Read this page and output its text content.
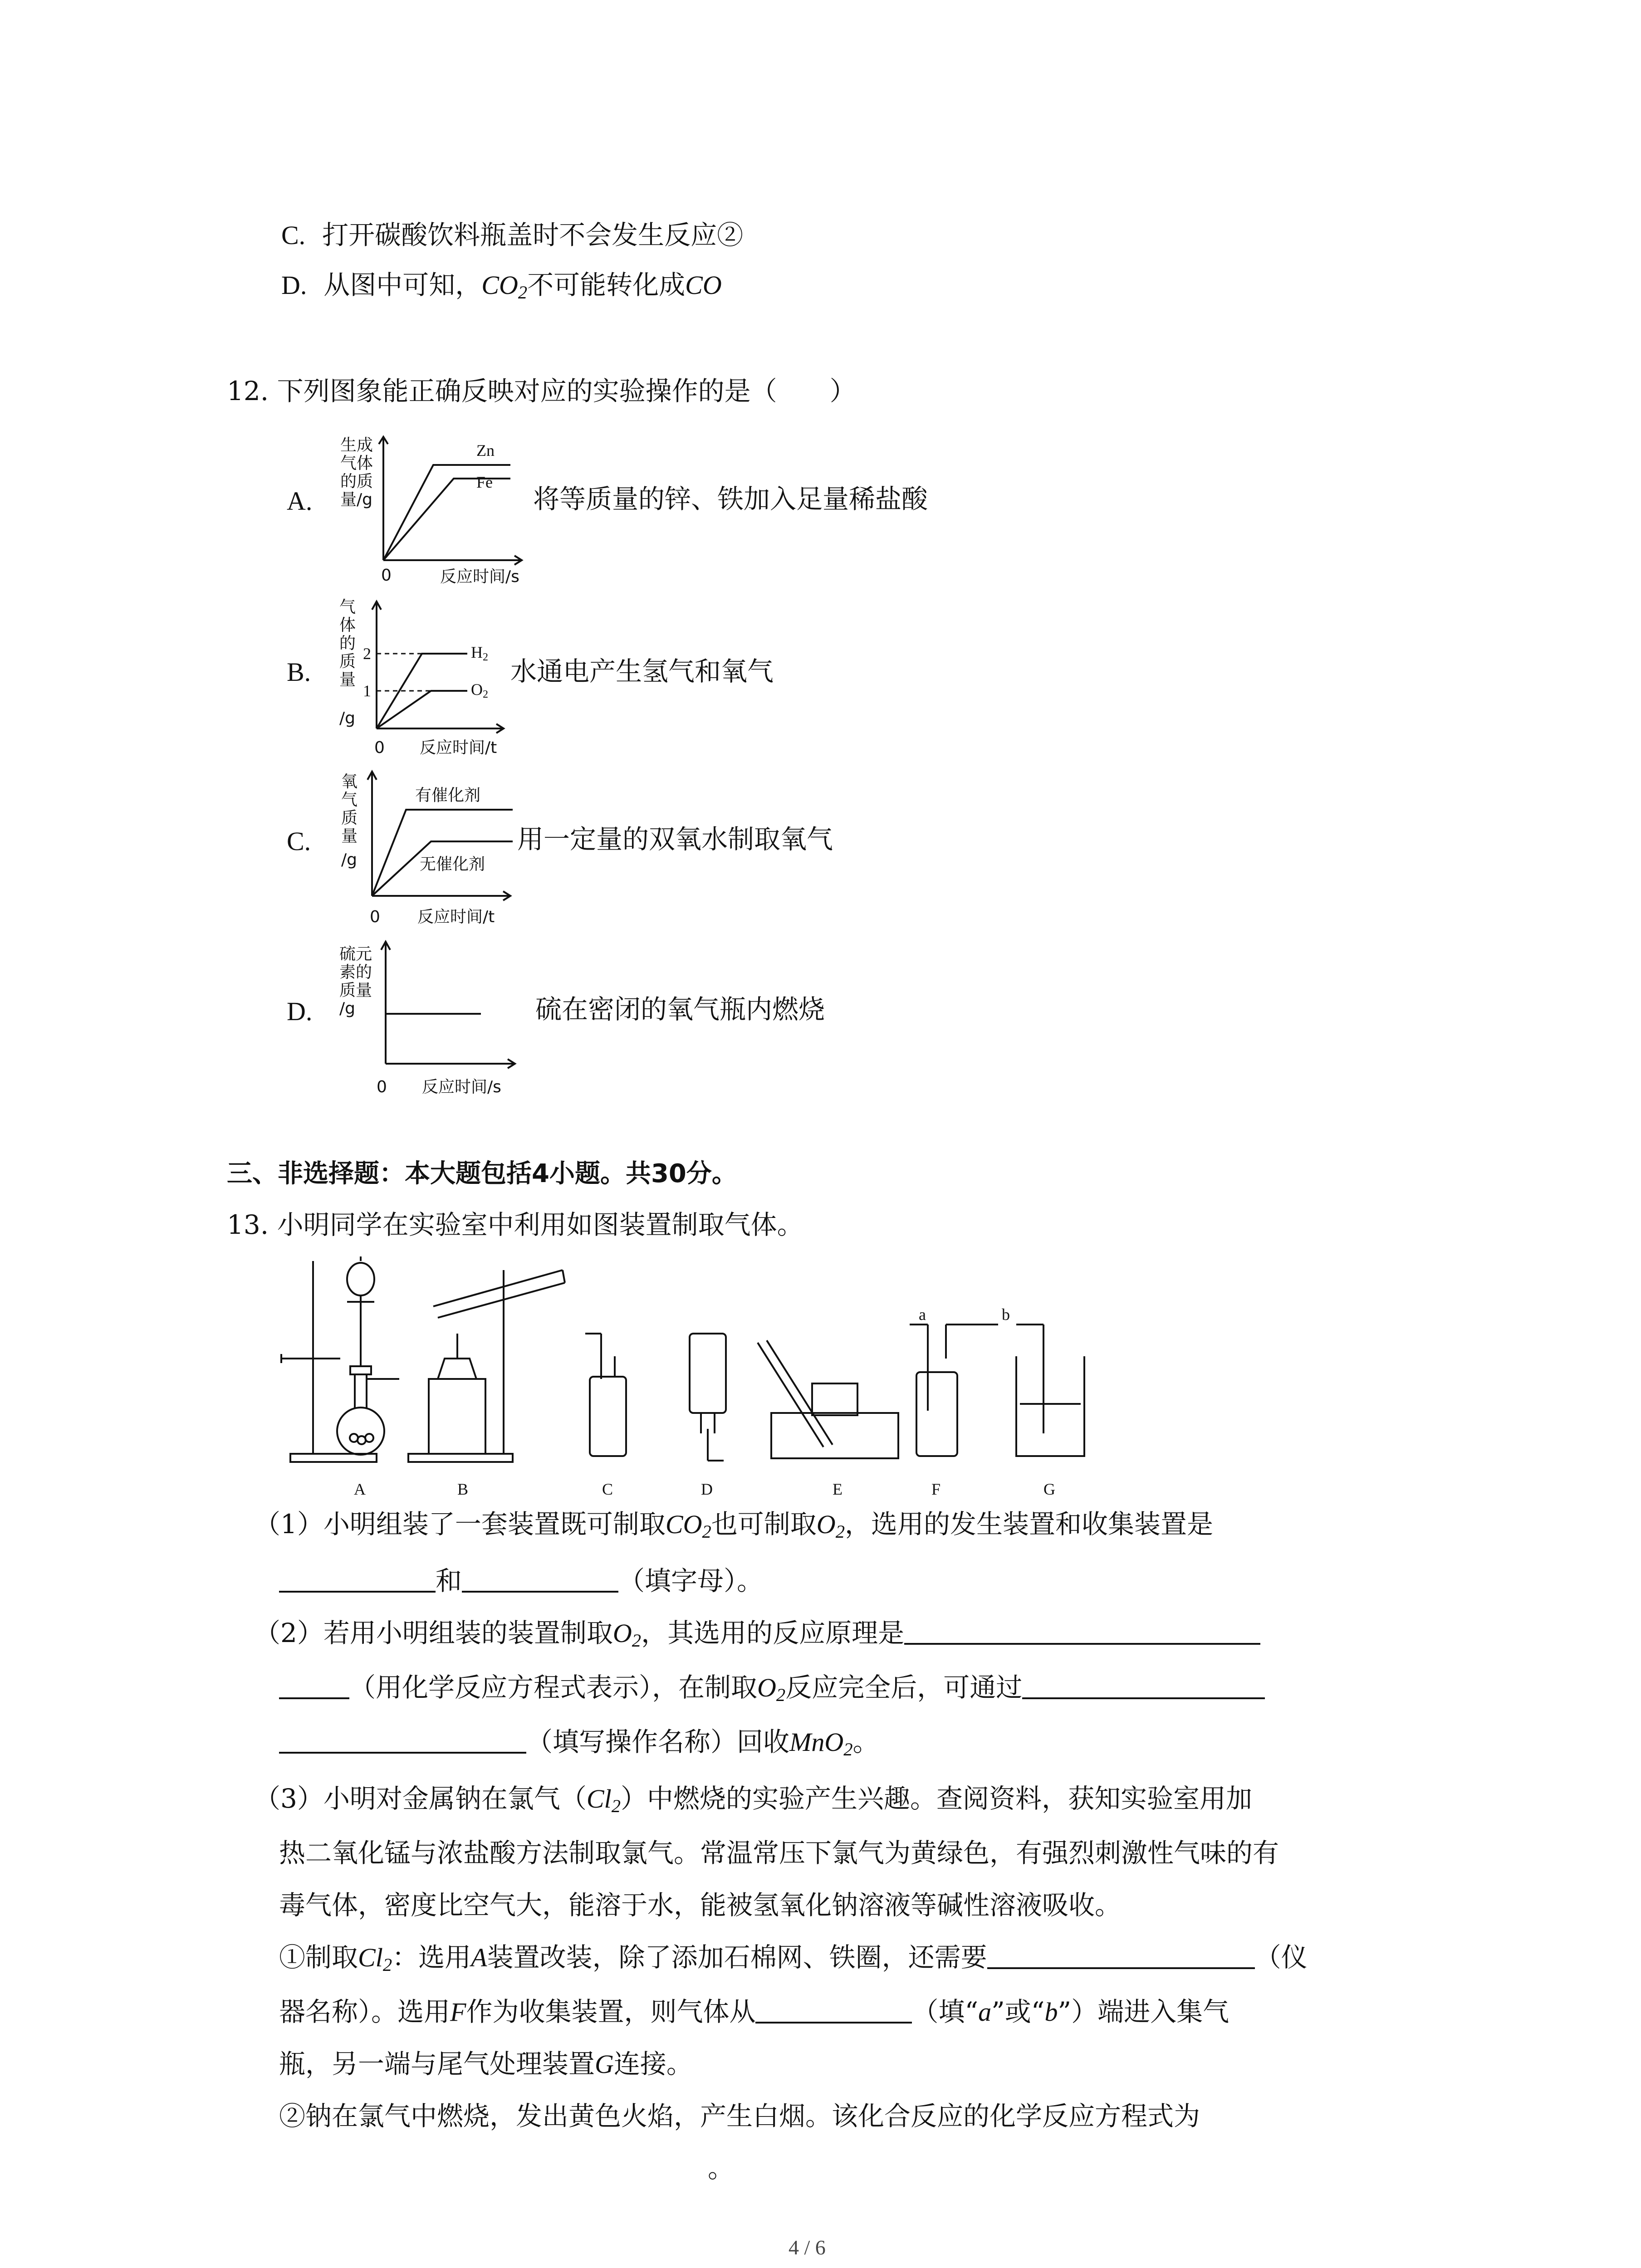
C. 打开碳酸饮料瓶盖时不会发生反应②
D. 从图中可知，$CO_2$不可能转化成CO
12. 下列图象能正确反映对应的实验操作的是（　　）
A.
生成
气体
的质
量/g
0	反应时间/s
Zn
Fe
将等质量的锌、铁加入足量稀盐酸
B.
气
体
的
质
量
/g
2
1
0 反应时间/t
H2
O2
水通电产生氢气和氧气
C.
氧
气
质
量
/g
有催化剂
无催化剂
0 反应时间/t
用一定量的双氧水制取氧气
D.
硫元
素的
质量
/g
0 反应时间/s
硫在密闭的氧气瓶内燃烧
三、非选择题：本大题包括4小题。共30分。
13. 小明同学在实验室中利用如图装置制取气体。
a	b
A	B	C	D	E	F	G
（1）小明组装了一套装置既可制取$CO_2$也可制取$O_2$，选用的发生装置和收集装置是
和	（填字母）。
（2）若用小明组装的装置制取$O_2$，其选用的反应原理是
（用化学反应方程式表示），在制取$O_2$反应完全后，可通过
（填写操作名称）回收MnO$_2$。
（3）小明对金属钠在氯气$(Cl_2)$中燃烧的实验产生兴趣。查阅资料，获知实验室用加
热二氧化锰与浓盐酸方法制取氯气。常温常压下氯气为黄绿色，有强烈刺激性气味的有
毒气体，密度比空气大，能溶于水，能被氢氧化钠溶液等碱性溶液吸收。
①制取$Cl_2$：选用A装置改装，除了添加石棉网、铁圈，还需要	（仪
器名称）。选用F作为收集装置，则气体从	（填“a”或“b”）端进入集气
瓶，另一端与尾气处理装置G连接。
②钠在氯气中燃烧，发出黄色火焰，产生白烟。该化合反应的化学反应方程式为
。
4 / 6
